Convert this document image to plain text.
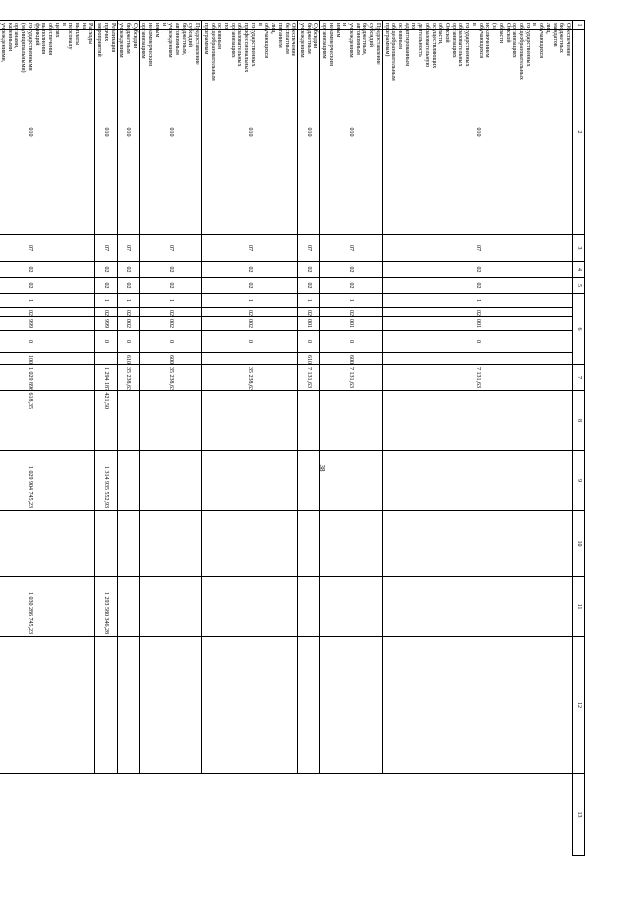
38
1	2	3	4	5	6					7	8	9	10	11	12	13
Обеспечение бюджетных мандатов лиц, обучающихся в государственных общеобразовательных организациях Омской области (за исключением обучающихся в государственных образовательных организациях Омской области, осуществляющих образовательную деятельность по адаптированным основным общеобразовательным программам)	010	07	02	02	1	02	001	0		7 131,63						
Предоставление субсидий бюджетным, автономным учреждениям и иным некоммерческим организациям	010	07	02	02	1	02	001	0	600	7 131,63						
Субсидии бюджетным учреждениям	010	07	02	02	1	02	001	0	610	7 131,63						
Обеспечение бесплатным питанием лиц, обучающихся в государственных профессиональных образовательных организациях по основным общеобразовательным программам	010	07	02	02	1	02	002	0		35 238,63						
Предоставление субсидий бюджетным, автономным учреждениям и иным некоммерческим организациям	010	07	02	02	1	02	002	0	600	35 238,63						
Субсидии бюджетным учреждениям	010	07	02	02	1	02	002	0	610	35 238,63						
Реализация прочих мероприятий	010	07	02	02	1	02	999	0		1 294 187 421,50		1 314 935 552,93		1 293 580 346,28		
Расходы на выплаты персоналу в целях обеспечения выполнения функций государственными (муниципальными) органами, казенными учреждениями,	010	07	02	02	1	02	999	0	100	1 029 896 618,35		1 029 904 745,23		1 030 286 745,23		
